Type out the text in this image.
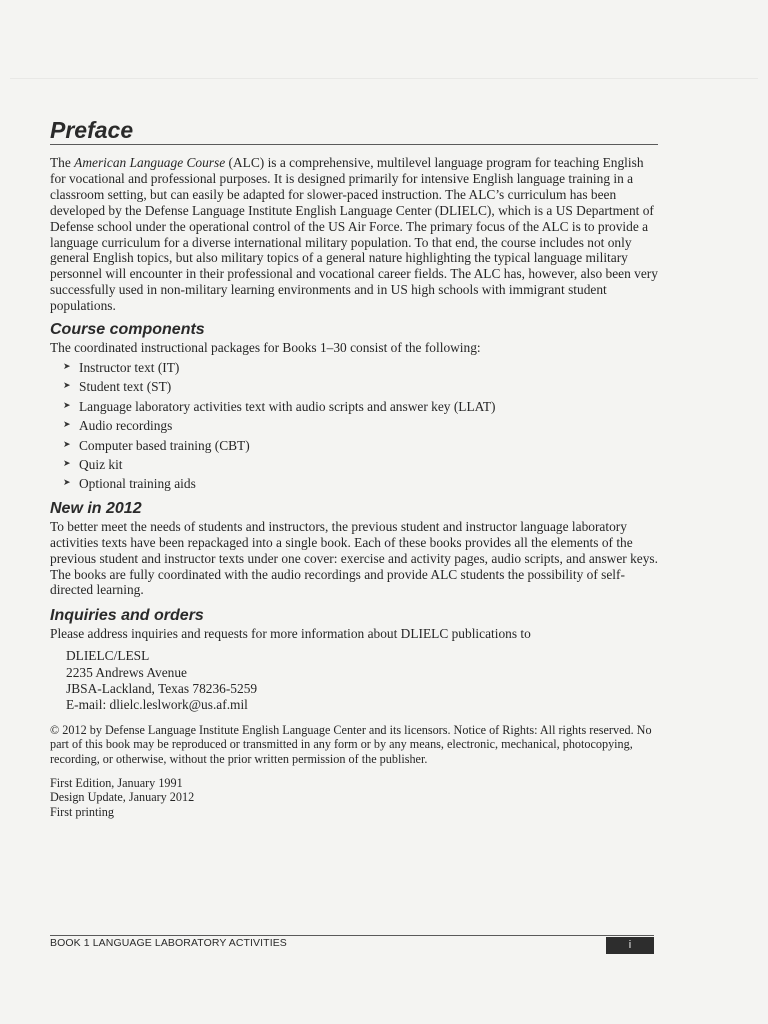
Preface

The American Language Course (ALC) is a comprehensive, multilevel language program for teaching English for vocational and professional purposes. It is designed primarily for intensive English language training in a classroom setting, but can easily be adapted for slower-paced instruction. The ALC’s curriculum has been developed by the Defense Language Institute English Language Center (DLIELC), which is a US Department of Defense school under the operational control of the US Air Force. The primary focus of the ALC is to provide a language curriculum for a diverse international military population. To that end, the course includes not only general English topics, but also military topics of a general nature highlighting the typical language military personnel will encounter in their professional and vocational career fields. The ALC has, however, also been very successfully used in non-military learning environments and in US high schools with immigrant student populations.

Course components

The coordinated instructional packages for Books 1–30 consist of the following:

➤ Instructor text (IT)
➤ Student text (ST)
➤ Language laboratory activities text with audio scripts and answer key (LLAT)
➤ Audio recordings
➤ Computer based training (CBT)
➤ Quiz kit
➤ Optional training aids
New in 2012

To better meet the needs of students and instructors, the previous student and instructor language laboratory activities texts have been repackaged into a single book. Each of these books provides all the elements of the previous student and instructor texts under one cover: exercise and activity pages, audio scripts, and answer keys. The books are fully coordinated with the audio recordings and provide ALC students the possibility of self-directed learning.

Inquiries and orders

Please address inquiries and requests for more information about DLIELC publications to

DLIELC/LESL
2235 Andrews Avenue
JBSA-Lackland, Texas 78236-5259
E-mail: dlielc.leslwork@us.af.mil

© 2012 by Defense Language Institute English Language Center and its licensors. Notice of Rights: All rights reserved. No part of this book may be reproduced or transmitted in any form or by any means, electronic, mechanical, photocopying, recording, or otherwise, without the prior written permission of the publisher.

First Edition, January 1991
Design Update, January 2012
First printing
BOOK 1 LANGUAGE LABORATORY ACTIVITIES	i
